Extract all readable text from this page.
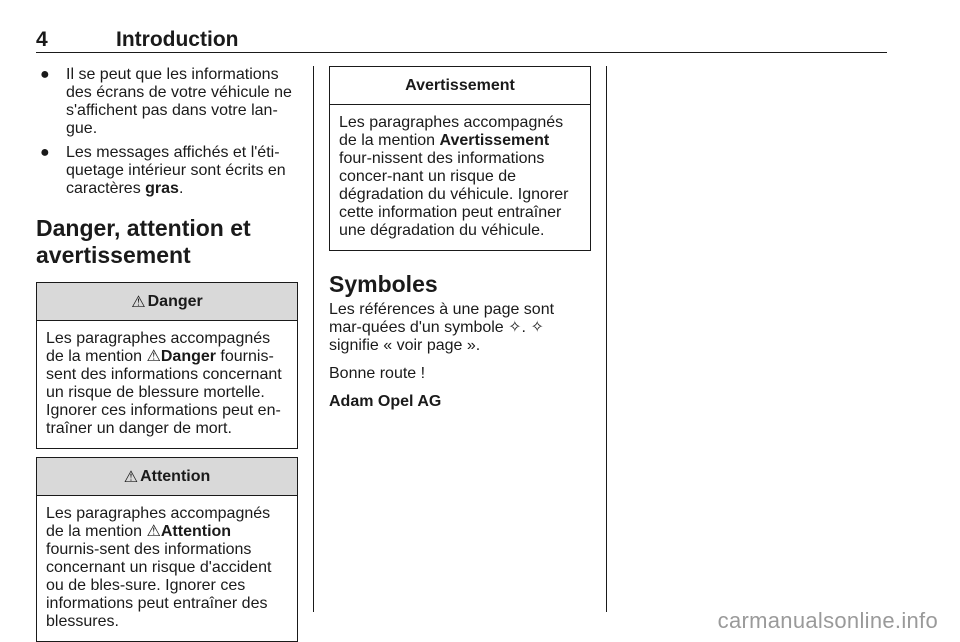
4	Introduction
● Il se peut que les informations des écrans de votre véhicule ne s'affichent pas dans votre lan-gue.
● Les messages affichés et l'éti-quetage intérieur sont écrits en caractères gras.
Danger, attention et avertissement
⚠ Danger
Les paragraphes accompagnés de la mention ⚠Danger fournis-sent des informations concernant un risque de blessure mortelle. Ignorer ces informations peut en-traîner un danger de mort.
⚠ Attention
Les paragraphes accompagnés de la mention ⚠Attention fournis-sent des informations concernant un risque d'accident ou de bles-sure. Ignorer ces informations peut entraîner des blessures.
Avertissement
Les paragraphes accompagnés de la mention Avertissement four-nissent des informations concer-nant un risque de dégradation du véhicule. Ignorer cette information peut entraîner une dégradation du véhicule.
Symboles

Les références à une page sont mar-quées d'un symbole ✧. ✧ signifie « voir page ».

Bonne route !

Adam Opel AG

carmanualsonline.info
